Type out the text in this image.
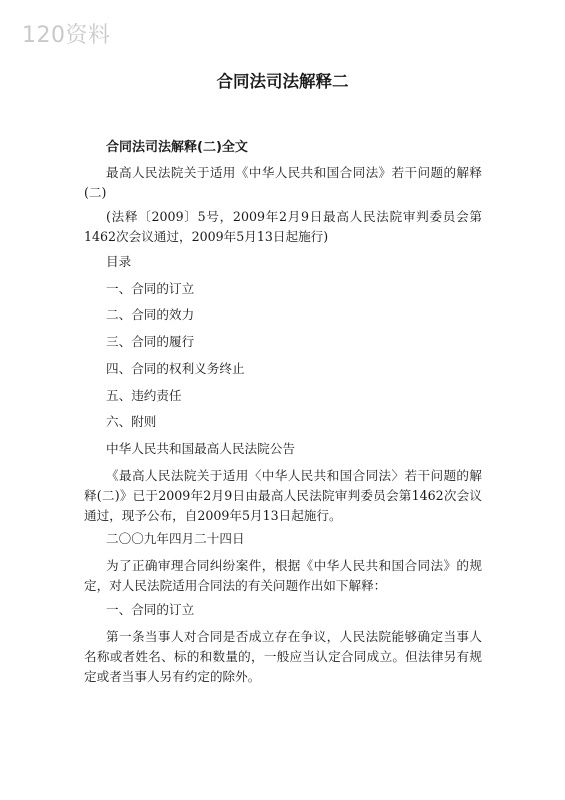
120资料
合同法司法解释二
合同法司法解释(二)全文

最高人民法院关于适用《中华人民共和国合同法》若干问题的解释(二)

(法释〔2009〕5号，2009年2月9日最高人民法院审判委员会第1462次会议通过，2009年5月13日起施行)

目录

一、合同的订立

二、合同的效力

三、合同的履行

四、合同的权利义务终止

五、违约责任

六、附则

中华人民共和国最高人民法院公告

《最高人民法院关于适用〈中华人民共和国合同法〉若干问题的解释(二)》已于2009年2月9日由最高人民法院审判委员会第1462次会议通过，现予公布，自2009年5月13日起施行。

二〇〇九年四月二十四日

为了正确审理合同纠纷案件，根据《中华人民共和国合同法》的规定，对人民法院适用合同法的有关问题作出如下解释：

一、合同的订立

第一条当事人对合同是否成立存在争议，人民法院能够确定当事人名称或者姓名、标的和数量的，一般应当认定合同成立。但法律另有规定或者当事人另有约定的除外。
